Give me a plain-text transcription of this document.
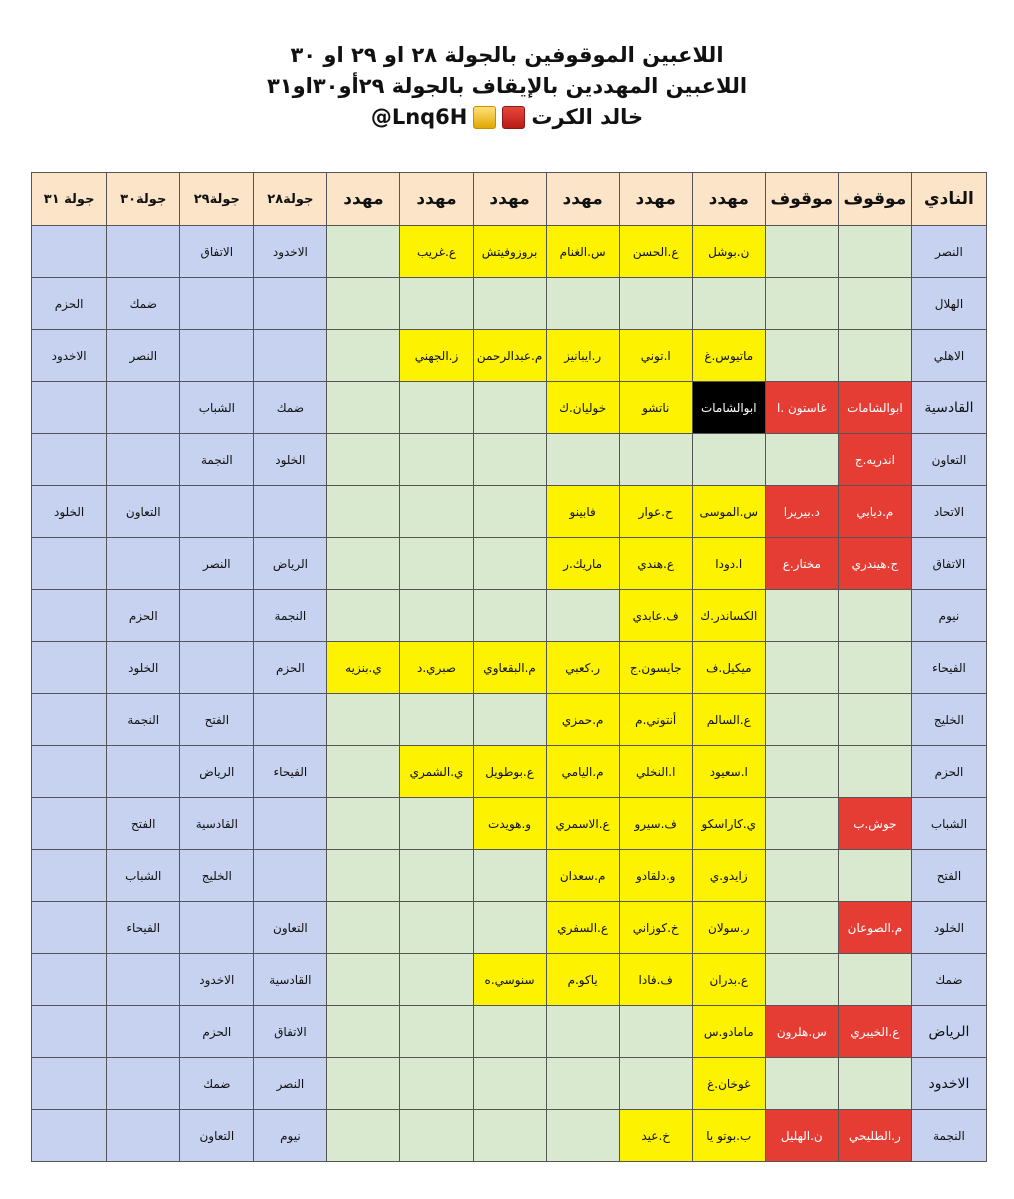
اللاعبين الموقوفين بالجولة ٢٨ او ٢٩ او ٣٠
اللاعبين المهددين بالإيقاف بالجولة ٢٩أو٣٠او٣١
@Lnq6H	خالد الكرت
النادي	موقوف	موقوف	مهدد	مهدد	مهدد	مهدد	مهدد	مهدد	جولة٢٨	جولة٢٩	جولة٣٠	جولة ٣١
النصر			ن.بوشل	ع.الحسن	س.الغنام	بروزوفيتش	ع.غريب		الاخدود	الاتفاق		
الهلال											ضمك	الحزم
الاهلي			ماتيوس.غ	ا.توني	ر.ايبانيز	م.عبدالرحمن	ز.الجهني				النصر	الاخدود
القادسية	ابوالشامات	غاستون .ا	ابوالشامات	ناتشو	خوليان.ك				ضمك	الشباب		
التعاون	اندريه.ج								الخلود	النجمة		
الاتحاد	م.ديابي	د.بيريرا	س.الموسى	ح.عوار	فابينو						التعاون	الخلود
الاتفاق	ج.هيندري	مختار.ع	ا.دودا	ع.هندي	ماريك.ر				الرياض	النصر		
نيوم			الكساندر.ك	ف.عابدي					النجمة		الحزم	
الفيحاء			ميكيل.ف	جايسون.ج	ر.كعبي	م.البقعاوي	صبري.د	ي.بنزيه	الحزم		الخلود	
الخليج			ع.السالم	أنتوني.م	م.حمزي					الفتح	النجمة	
الحزم			ا.سعيود	ا.النخلي	م.اليامي	ع.بوطويل	ي.الشمري		الفيحاء	الرياض		
الشباب	جوش.ب		ي.كاراسكو	ف.سيرو	ع.الاسمري	و.هويدت				القادسية	الفتح	
الفتح			زايدو.ي	و.دلقادو	م.سعدان					الخليج	الشباب	
الخلود	م.الصوعان		ر.سولان	خ.كوزاني	ع.السفري				التعاون		الفيحاء	
ضمك			ع.بدران	ف.فادا	ياكو.م	سنوسي.ه			القادسية	الاخدود		
الرياض	ع.الخيبري	س.هلرون	مامادو.س						الاتفاق	الحزم		
الاخدود			غوخان.غ						النصر	ضمك		
النجمة	ر.الطليحي	ن.الهليل	ب.بوتو يا	خ.عيد					نيوم	التعاون		
